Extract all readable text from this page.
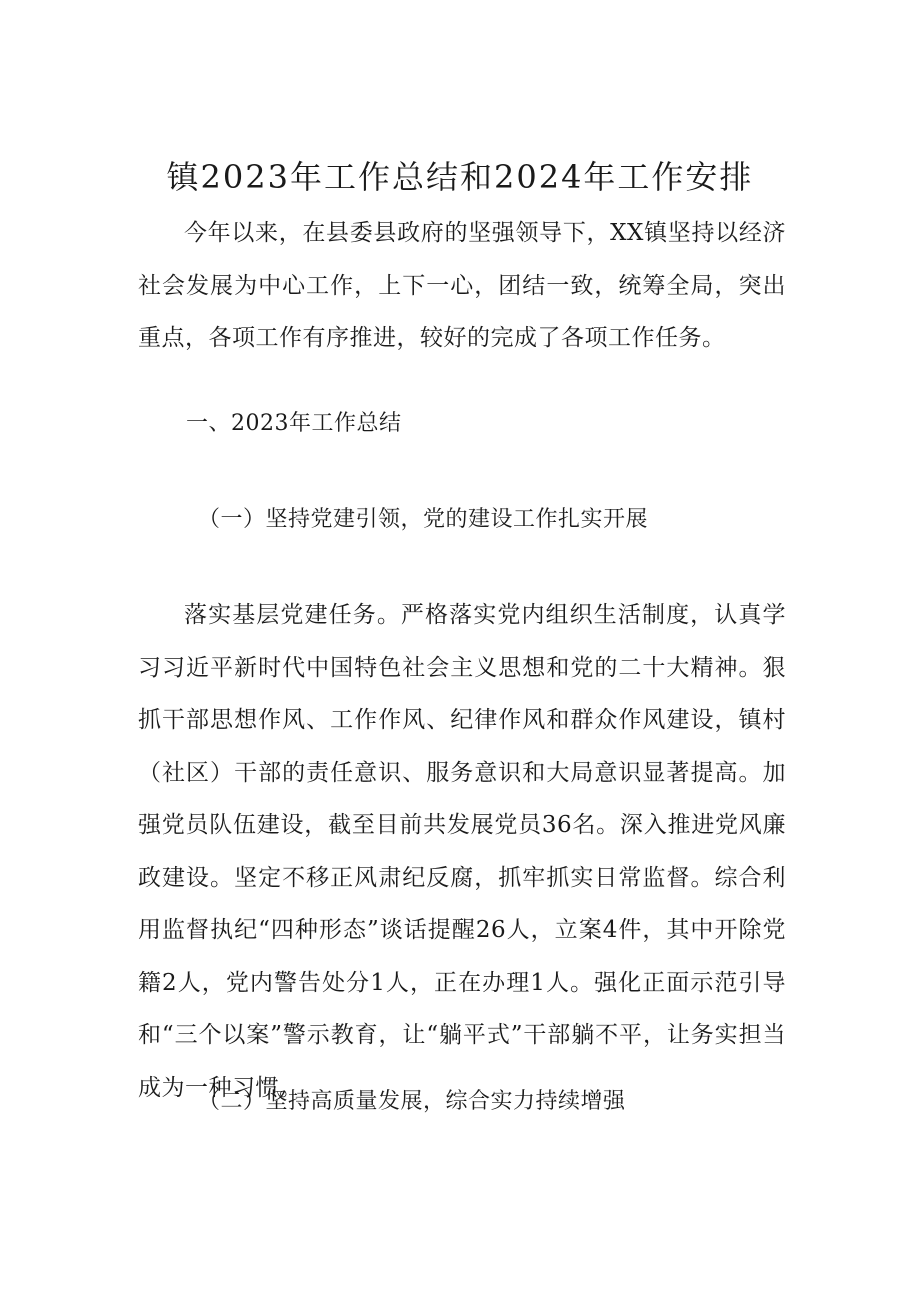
镇2023年工作总结和2024年工作安排

今年以来，在县委县政府的坚强领导下，XX镇坚持以经济社会发展为中心工作，上下一心，团结一致，统筹全局，突出重点，各项工作有序推进，较好的完成了各项工作任务。

一、2023年工作总结

（一）坚持党建引领，党的建设工作扎实开展

落实基层党建任务。严格落实党内组织生活制度，认真学习习近平新时代中国特色社会主义思想和党的二十大精神。狠抓干部思想作风、工作作风、纪律作风和群众作风建设，镇村（社区）干部的责任意识、服务意识和大局意识显著提高。加强党员队伍建设，截至目前共发展党员36名。深入推进党风廉政建设。坚定不移正风肃纪反腐，抓牢抓实日常监督。综合利用监督执纪“四种形态”谈话提醒26人，立案4件，其中开除党籍2人，党内警告处分1人，正在办理1人。强化正面示范引导和“三个以案”警示教育，让“躺平式”干部躺不平，让务实担当成为一种习惯。

（二）坚持高质量发展，综合实力持续增强
